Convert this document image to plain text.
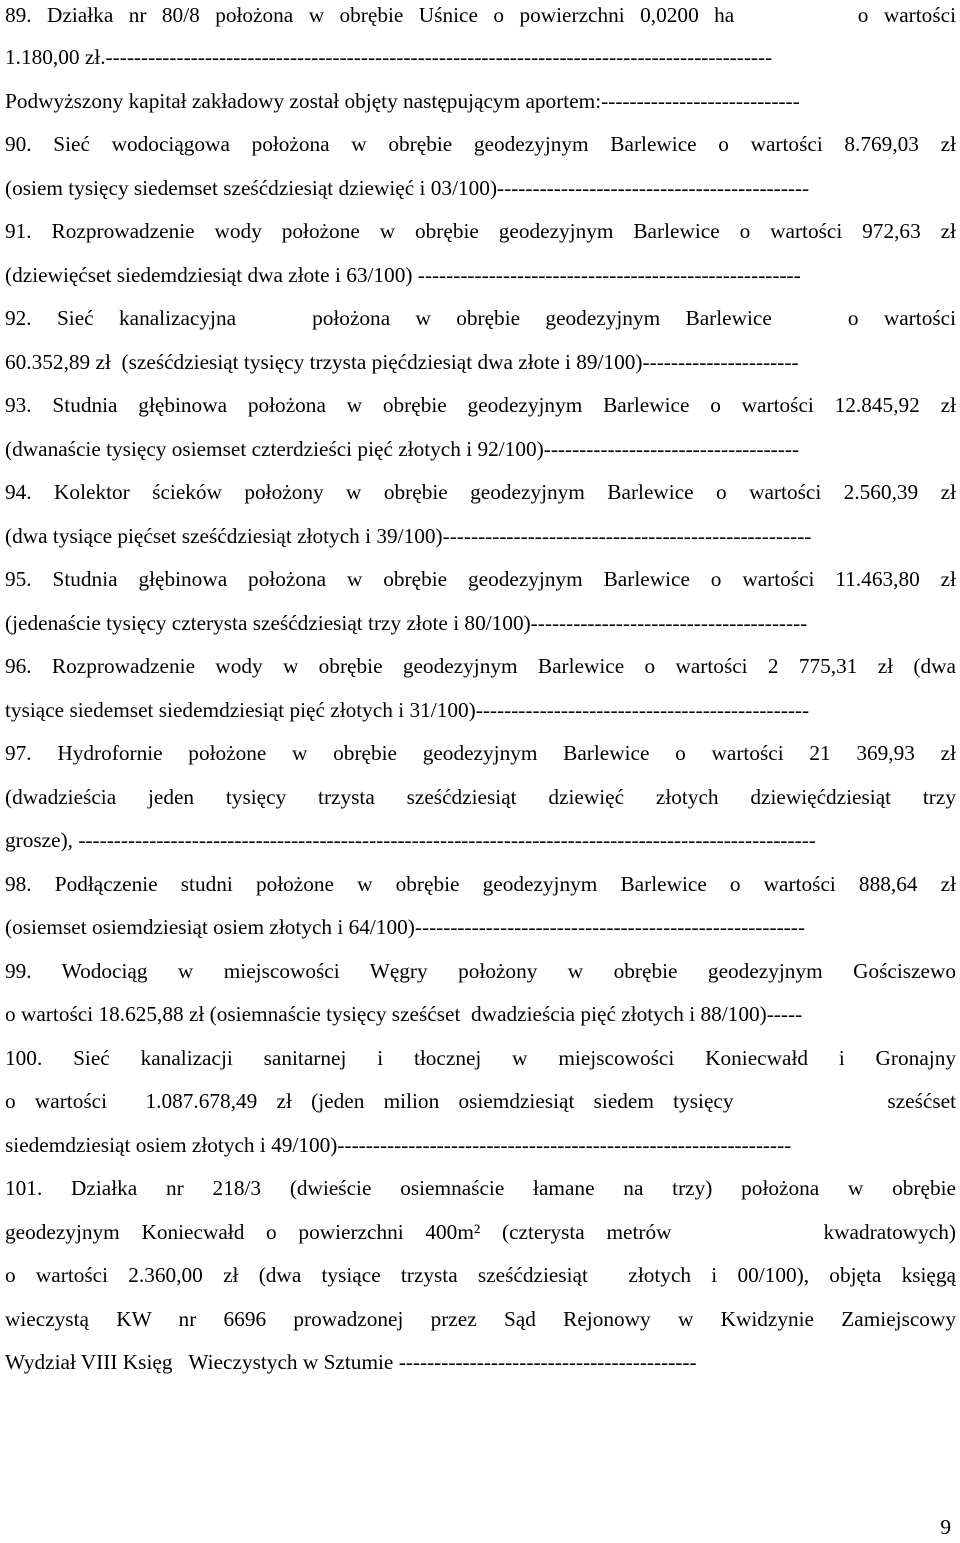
89. Działka nr 80/8 położona w obrębie Uśnice o powierzchni 0,0200 ha        o wartości
1.180,00 zł.----------------------------------------------------------------------------------------------
Podwyższony kapitał zakładowy został objęty następującym aportem:----------------------------
90. Sieć wodociągowa położona w obrębie geodezyjnym Barlewice o wartości 8.769,03 zł
(osiem tysięcy siedemset sześćdziesiąt dziewięć i 03/100)--------------------------------------------
91. Rozprowadzenie wody położone w obrębie geodezyjnym Barlewice o wartości 972,63 zł
(dziewięćset siedemdziesiąt dwa złote i 63/100) ------------------------------------------------------
92. Sieć kanalizacyjna   położona w obrębie geodezyjnym Barlewice   o wartości
60.352,89 zł  (sześćdziesiąt tysięcy trzysta pięćdziesiąt dwa złote i 89/100)----------------------
93. Studnia głębinowa położona w obrębie geodezyjnym Barlewice o wartości 12.845,92 zł
(dwanaście tysięcy osiemset czterdzieści pięć złotych i 92/100)------------------------------------
94. Kolektor ścieków położony w obrębie geodezyjnym Barlewice o wartości 2.560,39 zł
(dwa tysiące pięćset sześćdziesiąt złotych i 39/100)----------------------------------------------------
95. Studnia głębinowa położona w obrębie geodezyjnym Barlewice o wartości 11.463,80 zł
(jedenaście tysięcy czterysta sześćdziesiąt trzy złote i 80/100)---------------------------------------
96. Rozprowadzenie wody w obrębie geodezyjnym Barlewice o wartości 2 775,31 zł (dwa
tysiące siedemset siedemdziesiąt pięć złotych i 31/100)-----------------------------------------------
97. Hydrofornie położone w obrębie geodezyjnym Barlewice o wartości 21 369,93 zł
(dwadzieścia jeden tysięcy trzysta sześćdziesiąt dziewięć złotych dziewięćdziesiąt trzy
grosze), --------------------------------------------------------------------------------------------------------
98. Podłączenie studni położone w obrębie geodezyjnym Barlewice o wartości 888,64 zł
(osiemset osiemdziesiąt osiem złotych i 64/100)-------------------------------------------------------
99. Wodociąg w miejscowości Węgry położony w obrębie geodezyjnym Gościszewo
o wartości 18.625,88 zł (osiemnaście tysięcy sześćset  dwadzieścia pięć złotych i 88/100)-----
100. Sieć kanalizacji sanitarnej i tłocznej w miejscowości Koniecwałd i Gronajny
o wartości  1.087.678,49 zł (jeden milion osiemdziesiąt siedem tysięcy        sześćset
siedemdziesiąt osiem złotych i 49/100)----------------------------------------------------------------
101. Działka nr 218/3 (dwieście osiemnaście łamane na trzy) położona w obrębie
geodezyjnym Koniecwałd o powierzchni 400m² (czterysta metrów       kwadratowych)
o wartości 2.360,00 zł (dwa tysiące trzysta sześćdziesiąt  złotych i 00/100), objęta księgą
wieczystą KW nr 6696 prowadzonej przez Sąd Rejonowy w Kwidzynie Zamiejscowy
Wydział VIII Księg   Wieczystych w Sztumie ------------------------------------------
9
